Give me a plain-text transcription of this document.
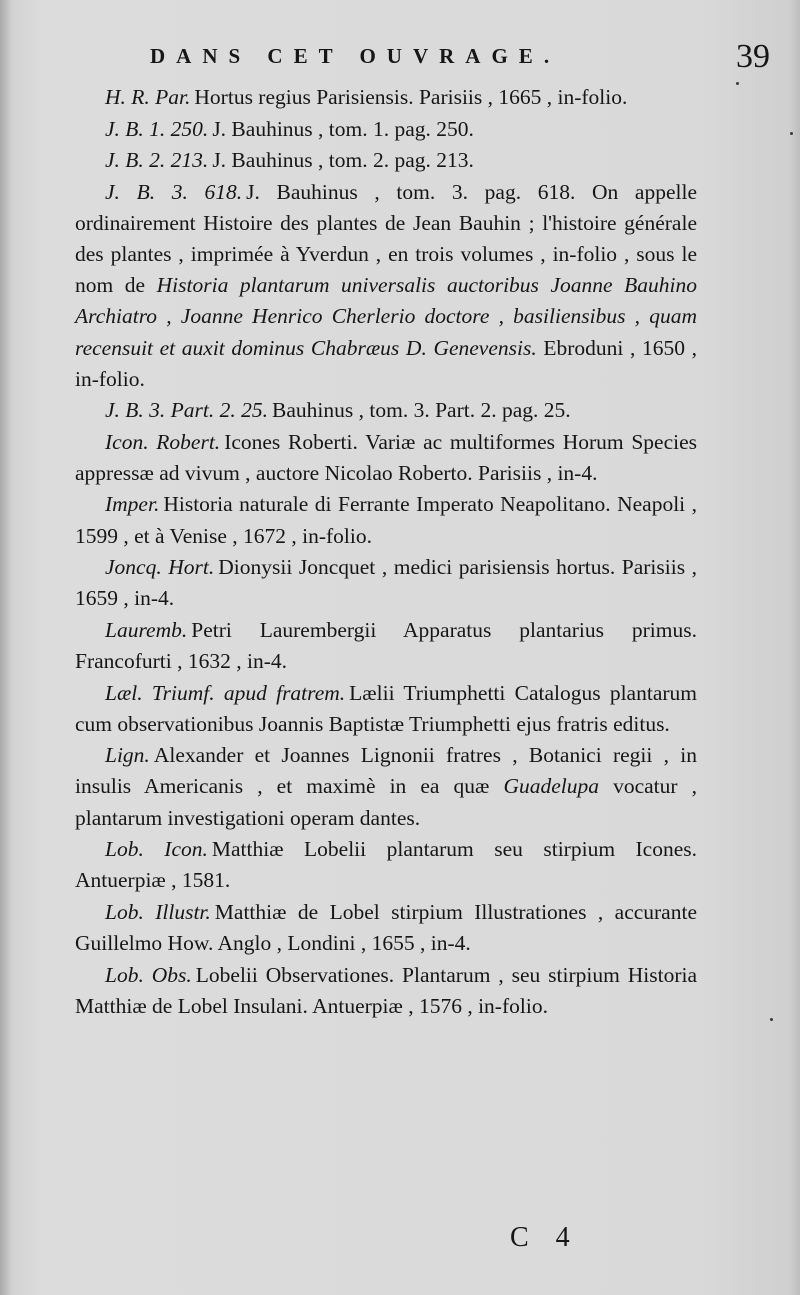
DANS CET OUVRAGE.	39

H. R. Par. Hortus regius Parisiensis. Parisiis , 1665 , in-folio.

J. B. 1. 250. J. Bauhinus , tom. 1. pag. 250.

J. B. 2. 213. J. Bauhinus , tom. 2. pag. 213.

J. B. 3. 618. J. Bauhinus , tom. 3. pag. 618. On appelle ordinairement Histoire des plantes de Jean Bauhin ; l'histoire générale des plantes , imprimée à Yverdun , en trois volumes , in-folio , sous le nom de Historia plantarum universalis auctoribus Joanne Bauhino Archiatro , Joanne Henrico Cherlerio doctore , basiliensibus , quam recensuit et auxit dominus Chabræus D. Genevensis. Ebroduni , 1650 , in-folio.

J. B. 3. Part. 2. 25. Bauhinus , tom. 3. Part. 2. pag. 25.

Icon. Robert. Icones Roberti. Variæ ac multiformes Horum Species appressæ ad vivum , auctore Nicolao Roberto. Parisiis , in-4.

Imper. Historia naturale di Ferrante Imperato Neapolitano. Neapoli , 1599 , et à Venise , 1672 , in-folio.

Joncq. Hort. Dionysii Joncquet , medici parisiensis hortus. Parisiis , 1659 , in-4.

Lauremb. Petri Laurembergii Apparatus plantarius primus. Francofurti , 1632 , in-4.

Læl. Triumf. apud fratrem. Lælii Triumphetti Catalogus plantarum cum observationibus Joannis Baptistæ Triumphetti ejus fratris editus.

Lign. Alexander et Joannes Lignonii fratres , Botanici regii , in insulis Americanis , et maximè in ea quæ Guadelupa vocatur , plantarum investigationi operam dantes.

Lob. Icon. Matthiæ Lobelii plantarum seu stirpium Icones. Antuerpiæ , 1581.

Lob. Illustr. Matthiæ de Lobel stirpium Illustrationes , accurante Guillelmo How. Anglo , Londini , 1655 , in-4.

Lob. Obs. Lobelii Observationes. Plantarum , seu stirpium Historia Matthiæ de Lobel Insulani. Antuerpiæ , 1576 , in-folio.

C 4
